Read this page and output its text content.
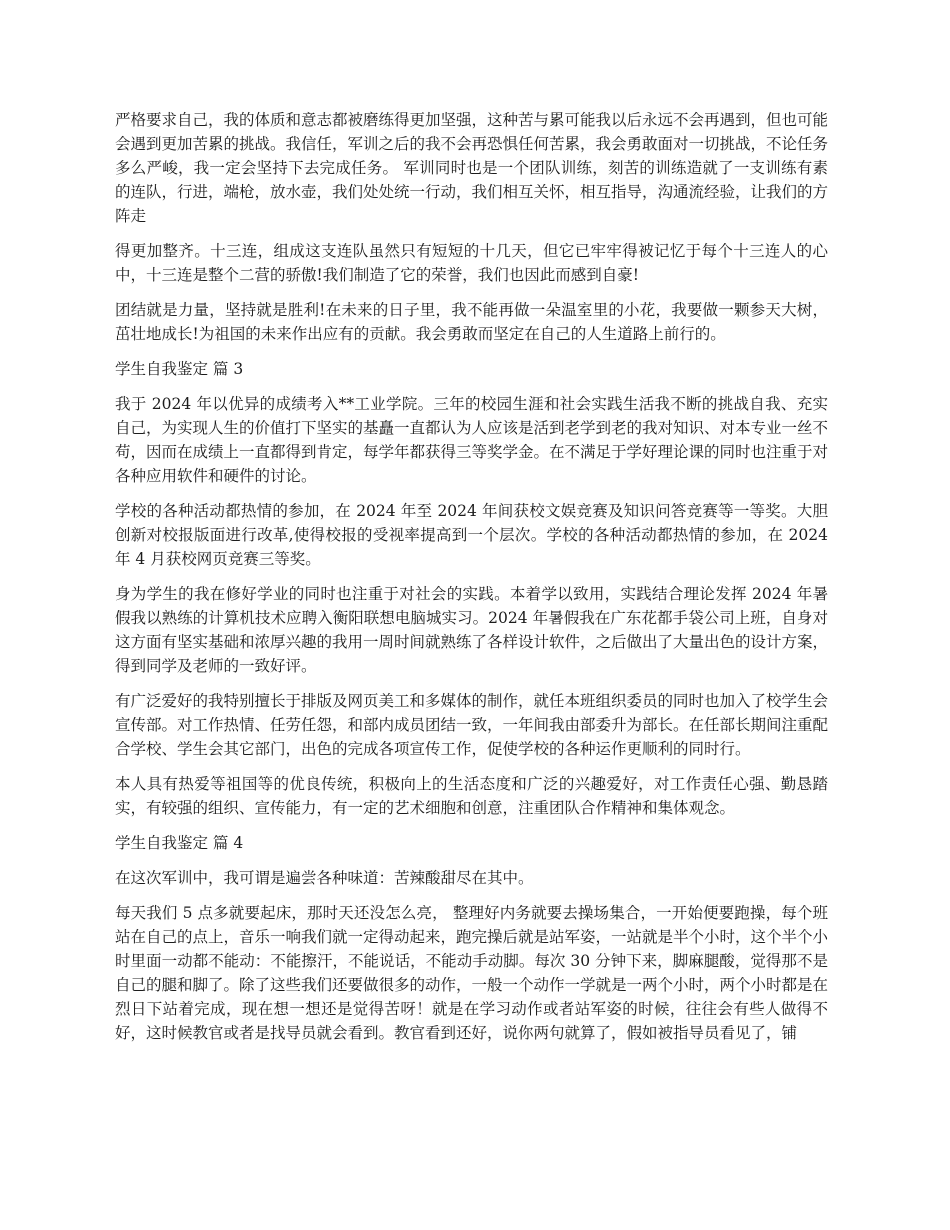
严格要求自己，我的体质和意志都被磨练得更加坚强，这种苦与累可能我以后永远不会再遇到，但也可能会遇到更加苦累的挑战。我信任，军训之后的我不会再恐惧任何苦累，我会勇敢面对一切挑战，不论任务多么严峻，我一定会坚持下去完成任务。 军训同时也是一个团队训练，刻苦的训练造就了一支训练有素的连队，行进，端枪，放水壶，我们处处统一行动，我们相互关怀，相互指导，沟通流经验，让我们的方阵走

得更加整齐。十三连，组成这支连队虽然只有短短的十几天，但它已牢牢得被记忆于每个十三连人的心中，十三连是整个二营的骄傲!我们制造了它的荣誉，我们也因此而感到自豪!

团结就是力量，坚持就是胜利!在未来的日子里，我不能再做一朵温室里的小花，我要做一颗参天大树，茁壮地成长!为祖国的未来作出应有的贡献。我会勇敢而坚定在自己的人生道路上前行的。

学生自我鉴定 篇 3

我于 2024 年以优异的成绩考入**工业学院。三年的校园生涯和社会实践生活我不断的挑战自我、充实自己，为实现人生的价值打下坚实的基矗一直都认为人应该是活到老学到老的我对知识、对本专业一丝不苟，因而在成绩上一直都得到肯定，每学年都获得三等奖学金。在不满足于学好理论课的同时也注重于对各种应用软件和硬件的讨论。

学校的各种活动都热情的参加，在 2024 年至 2024 年间获校文娱竞赛及知识问答竞赛等一等奖。大胆创新对校报版面进行改革,使得校报的受视率提高到一个层次。学校的各种活动都热情的参加，在 2024 年 4 月获校网页竞赛三等奖。

身为学生的我在修好学业的同时也注重于对社会的实践。本着学以致用，实践结合理论发挥 2024 年暑假我以熟练的计算机技术应聘入衡阳联想电脑城实习。2024 年暑假我在广东花都手袋公司上班，自身对这方面有坚实基础和浓厚兴趣的我用一周时间就熟练了各样设计软件，之后做出了大量出色的设计方案，得到同学及老师的一致好评。

有广泛爱好的我特别擅长于排版及网页美工和多媒体的制作，就任本班组织委员的同时也加入了校学生会宣传部。对工作热情、任劳任怨，和部内成员团结一致，一年间我由部委升为部长。在任部长期间注重配合学校、学生会其它部门，出色的完成各项宣传工作，促使学校的各种运作更顺利的同时行。

本人具有热爱等祖国等的优良传统，积极向上的生活态度和广泛的兴趣爱好，对工作责任心强、勤恳踏实，有较强的组织、宣传能力，有一定的艺术细胞和创意，注重团队合作精神和集体观念。

学生自我鉴定 篇 4

在这次军训中，我可谓是遍尝各种味道：苦辣酸甜尽在其中。

每天我们 5 点多就要起床，那时天还没怎么亮， 整理好内务就要去操场集合，一开始便要跑操，每个班站在自己的点上，音乐一响我们就一定得动起来，跑完操后就是站军姿，一站就是半个小时，这个半个小时里面一动都不能动：不能擦汗，不能说话，不能动手动脚。每次 30 分钟下来，脚麻腿酸，觉得那不是自己的腿和脚了。除了这些我们还要做很多的动作，一般一个动作一学就是一两个小时，两个小时都是在烈日下站着完成，现在想一想还是觉得苦呀！就是在学习动作或者站军姿的时候，往往会有些人做得不好，这时候教官或者是找导员就会看到。教官看到还好，说你两句就算了，假如被指导员看见了，铺
